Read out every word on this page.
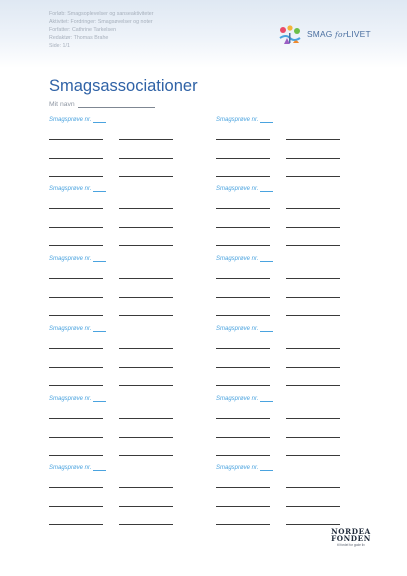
Forløb: Smagsoplevelser og sanseaktiviteter
Aktivitet: Fordringer: Smagsøvelser og noter
Forfatter: Cathrine Tarkelsen
Redaktør: Thomas Brahe
Side: 1/1
SMAG forLIVET
Smagsassociationer
Mit navn
Smagsprøve nr.	Smagsprøve nr.
Smagsprøve nr.	Smagsprøve nr.
Smagsprøve nr.	Smagsprøve nr.
Smagsprøve nr.	Smagsprøve nr.
Smagsprøve nr.	Smagsprøve nr.
Smagsprøve nr.	Smagsprøve nr.
NORDEA
FONDEN
til fordel for gode liv
